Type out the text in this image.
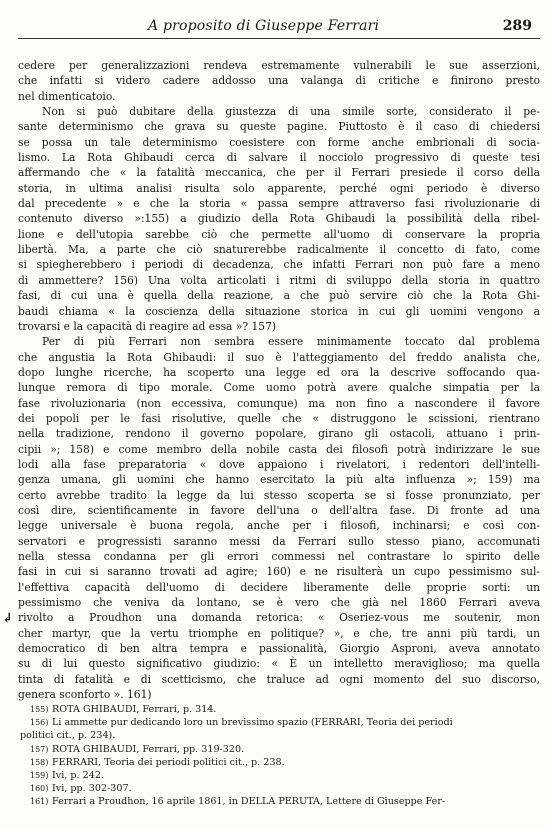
A proposito di Giuseppe Ferrari	289
↲
cedere per generalizzazioni rendeva estremamente vulnerabili le sue asserzioni,
che infatti si videro cadere addosso una valanga di critiche e finirono presto
nel dimenticatoio.
Non si può dubitare della giustezza di una simile sorte, considerato il pe-
sante determinismo che grava su queste pagine. Piuttosto è il caso di chiedersi
se possa un tale determinismo coesistere con forme anche embrionali di socia-
lismo. La Rota Ghibaudi cerca di salvare il nocciolo progressivo di queste tesi
affermando che « la fatalità meccanica, che per il Ferrari presiede il corso della
storia, in ultima analisi risulta solo apparente, perché ogni periodo è diverso
dal precedente » e che la storia « passa sempre attraverso fasi rivoluzionarie di
contenuto diverso »:155) a giudizio della Rota Ghibaudi la possibilità della ribel-
lione e dell'utopia sarebbe ciò che permette all'uomo di conservare la propria
libertà. Ma, a parte che ciò snaturerebbe radicalmente il concetto di fato, come
si spiegherebbero i periodi di decadenza, che infatti Ferrari non può fare a meno
di ammettere? 156) Una volta articolati i ritmi di sviluppo della storia in quattro
fasi, di cui una è quella della reazione, a che può servire ciò che la Rota Ghi-
baudi chiama « la coscienza della situazione storica in cui gli uomini vengono a
trovarsi e la capacità di reagire ad essa »? 157)
Per di più Ferrari non sembra essere minimamente toccato dal problema
che angustia la Rota Ghibaudi: il suo è l'atteggiamento del freddo analista che,
dopo lunghe ricerche, ha scoperto una legge ed ora la descrive soffocando qua-
lunque remora di tipo morale. Come uomo potrà avere qualche simpatia per la
fase rivoluzionaria (non eccessiva, comunque) ma non fino a nascondere il favore
dei popoli per le fasi risolutive, quelle che « distruggono le scissioni, rientrano
nella tradizione, rendono il governo popolare, girano gli ostacoli, attuano i prin-
cipii »; 158) e come membro della nobile casta dei filosofi potrà indirizzare le sue
lodi alla fase preparatoria « dove appaiono i rivelatori, i redentori dell'intelli-
genza umana, gli uomini che hanno esercitato la più alta influenza »; 159) ma
certo avrebbe tradito la legge da lui stesso scoperta se si fosse pronunziato, per
così dire, scientificamente in favore dell'una o dell'altra fase. Di fronte ad una
legge universale è buona regola, anche per i filosofi, inchinarsi; e così con-
servatori e progressisti saranno messi da Ferrari sullo stesso piano, accomunati
nella stessa condanna per gli errori commessi nel contrastare lo spirito delle
fasi in cui si saranno trovati ad agire; 160) e ne risulterà un cupo pessimismo sul-
l'effettiva capacità dell'uomo di decidere liberamente delle proprie sorti: un
pessimismo che veniva da lontano, se è vero che già nel 1860 Ferrari aveva
rivolto a Proudhon una domanda retorica: « Oseriez-vous me soutenir, mon
cher martyr, que la vertu triomphe en politique? », e che, tre anni più tardi, un
democratico di ben altra tempra e passionalità, Giorgio Asproni, aveva annotato
su di lui questo significativo giudizio: « È un intelletto meraviglioso; ma quella
tinta di fatalità e di scetticismo, che traluce ad ogni momento del suo discorso,
genera sconforto ». 161)
155) ROTA GHIBAUDI, Ferrari, p. 314.
156) Li ammette pur dedicando loro un brevissimo spazio (FERRARI, Teoria dei periodi
politici cit., p. 234).
157) ROTA GHIBAUDI, Ferrari, pp. 319-320.
158) FERRARI, Teoria dei periodi politici cit., p. 238.
159) Ivi, p. 242.
160) Ivi, pp. 302-307.
161) Ferrari a Proudhon, 16 aprile 1861, in DELLA PERUTA, Lettere di Giuseppe Fer-
